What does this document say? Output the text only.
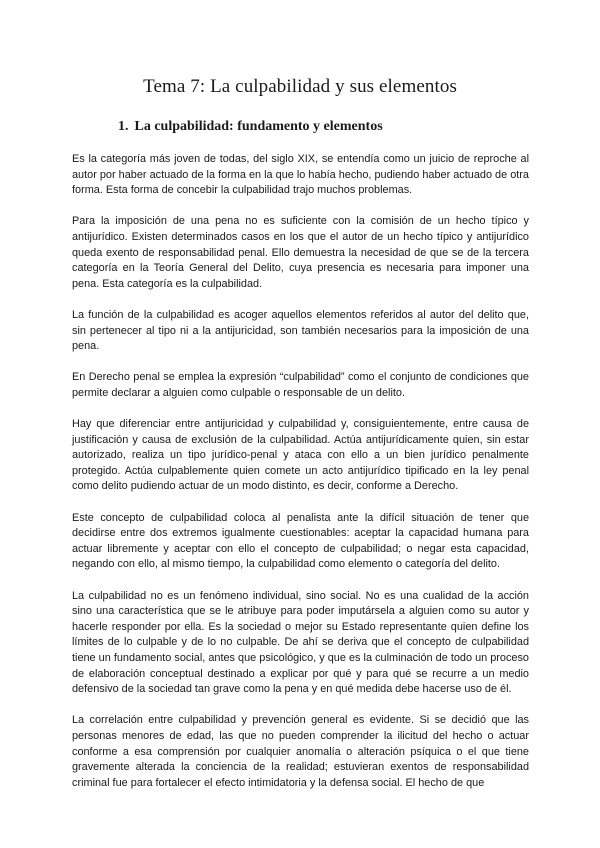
Tema 7: La culpabilidad y sus elementos
1. La culpabilidad: fundamento y elementos

Es la categoría más joven de todas, del siglo XIX, se entendía como un juicio de reproche al autor por haber actuado de la forma en la que lo había hecho, pudiendo haber actuado de otra forma. Esta forma de concebir la culpabilidad trajo muchos problemas.

Para la imposición de una pena no es suficiente con la comisión de un hecho típico y antijurídico. Existen determinados casos en los que el autor de un hecho típico y antijurídico queda exento de responsabilidad penal. Ello demuestra la necesidad de que se de la tercera categoría en la Teoría General del Delito, cuya presencia es necesaria para imponer una pena. Esta categoría es la culpabilidad.

La función de la culpabilidad es acoger aquellos elementos referidos al autor del delito que, sin pertenecer al tipo ni a la antijuricidad, son también necesarios para la imposición de una pena.

En Derecho penal se emplea la expresión “culpabilidad” como el conjunto de condiciones que permite declarar a alguien como culpable o responsable de un delito.

Hay que diferenciar entre antijuricidad y culpabilidad y, consiguientemente, entre causa de justificación y causa de exclusión de la culpabilidad. Actúa antijurídicamente quien, sin estar autorizado, realiza un tipo jurídico-penal y ataca con ello a un bien jurídico penalmente protegido. Actúa culpablemente quien comete un acto antijurídico tipificado en la ley penal como delito pudiendo actuar de un modo distinto, es decir, conforme a Derecho.

Este concepto de culpabilidad coloca al penalista ante la difícil situación de tener que decidirse entre dos extremos igualmente cuestionables: aceptar la capacidad humana para actuar libremente y aceptar con ello el concepto de culpabilidad; o negar esta capacidad, negando con ello, al mismo tiempo, la culpabilidad como elemento o categoría del delito.

La culpabilidad no es un fenómeno individual, sino social. No es una cualidad de la acción sino una característica que se le atribuye para poder imputársela a alguien como su autor y hacerle responder por ella. Es la sociedad o mejor su Estado representante quien define los límites de lo culpable y de lo no culpable. De ahí se deriva que el concepto de culpabilidad tiene un fundamento social, antes que psicológico, y que es la culminación de todo un proceso de elaboración conceptual destinado a explicar por qué y para qué se recurre a un medio defensivo de la sociedad tan grave como la pena y en qué medida debe hacerse uso de él.

La correlación entre culpabilidad y prevención general es evidente. Si se decidió que las personas menores de edad, las que no pueden comprender la ilicitud del hecho o actuar conforme a esa comprensión por cualquier anomalía o alteración psíquica o el que tiene gravemente alterada la conciencia de la realidad; estuvieran exentos de responsabilidad criminal fue para fortalecer el efecto intimidatoria y la defensa social. El hecho de que
